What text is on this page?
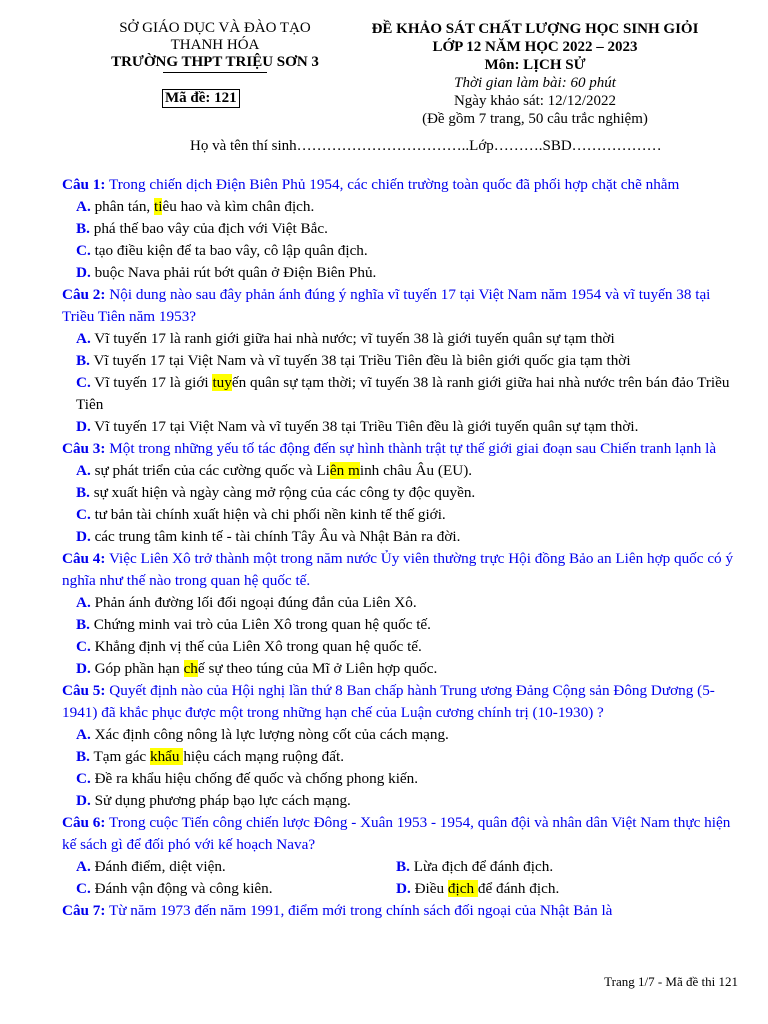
SỞ GIÁO DỤC VÀ ĐÀO TẠO
THANH HÓA
TRƯỜNG THPT TRIỆU SƠN 3
Mã đề: 121
ĐỀ KHẢO SÁT CHẤT LƯỢNG HỌC SINH GIỎI
LỚP 12 NĂM HỌC 2022 – 2023
Môn: LỊCH SỬ
Thời gian làm bài: 60 phút
Ngày khảo sát: 12/12/2022
(Đề gồm 7 trang, 50 câu trắc nghiệm)
Họ và tên thí sinh……………………………..Lớp……….SBD………………

Câu 1: Trong chiến dịch Điện Biên Phủ 1954, các chiến trường toàn quốc đã phối hợp chặt chẽ nhằm

A. phân tán, tiêu hao và kìm chân địch.

B. phá thế bao vây của địch với Việt Bắc.

C. tạo điều kiện để ta bao vây, cô lập quân địch.

D. buộc Nava phải rút bớt quân ở Điện Biên Phủ.

Câu 2: Nội dung nào sau đây phản ánh đúng ý nghĩa vĩ tuyến 17 tại Việt Nam năm 1954 và vĩ tuyến 38 tại Triều Tiên năm 1953?

A. Vĩ tuyến 17 là ranh giới giữa hai nhà nước; vĩ tuyến 38 là giới tuyến quân sự tạm thời

B. Vĩ tuyến 17 tại Việt Nam và vĩ tuyến 38 tại Triều Tiên đều là biên giới quốc gia tạm thời

C. Vĩ tuyến 17 là giới tuyến quân sự tạm thời; vĩ tuyến 38 là ranh giới giữa hai nhà nước trên bán đảo Triều Tiên

D. Vĩ tuyến 17 tại Việt Nam và vĩ tuyến 38 tại Triều Tiên đều là giới tuyến quân sự tạm thời.

Câu 3: Một trong những yếu tố tác động đến sự hình thành trật tự thế giới giai đoạn sau Chiến tranh lạnh là

A. sự phát triển của các cường quốc và Liên minh châu Âu (EU).

B. sự xuất hiện và ngày càng mở rộng của các công ty độc quyền.

C. tư bản tài chính xuất hiện và chi phối nền kinh tế thế giới.

D. các trung tâm kinh tế - tài chính Tây Âu và Nhật Bản ra đời.

Câu 4: Việc Liên Xô trở thành một trong năm nước Ủy viên thường trực Hội đồng Bảo an Liên hợp quốc có ý nghĩa như thế nào trong quan hệ quốc tế.

A. Phản ánh đường lối đối ngoại đúng đắn của Liên Xô.

B. Chứng minh vai trò của Liên Xô trong quan hệ quốc tế.

C. Khẳng định vị thế của Liên Xô trong quan hệ quốc tế.

D. Góp phần hạn chế sự theo túng của Mĩ ở Liên hợp quốc.

Câu 5: Quyết định nào của Hội nghị lần thứ 8 Ban chấp hành Trung ương Đảng Cộng sản Đông Dương (5-1941) đã khắc phục được một trong những hạn chế của Luận cương chính trị (10-1930) ?

A. Xác định công nông là lực lượng nòng cốt của cách mạng.

B. Tạm gác khẩu hiệu cách mạng ruộng đất.

C. Đề ra khẩu hiệu chống đế quốc và chống phong kiến.

D. Sử dụng phương pháp bạo lực cách mạng.

Câu 6: Trong cuộc Tiến công chiến lược Đông - Xuân 1953 - 1954, quân đội và nhân dân Việt Nam thực hiện kế sách gì để đối phó với kế hoạch Nava?

A. Đánh điểm, diệt viện.	B. Lừa địch để đánh địch.
C. Đánh vận động và công kiên.	D. Điều địch để đánh địch.

Câu 7: Từ năm 1973 đến năm 1991, điểm mới trong chính sách đối ngoại của Nhật Bản là

Trang 1/7 - Mã đề thi 121
